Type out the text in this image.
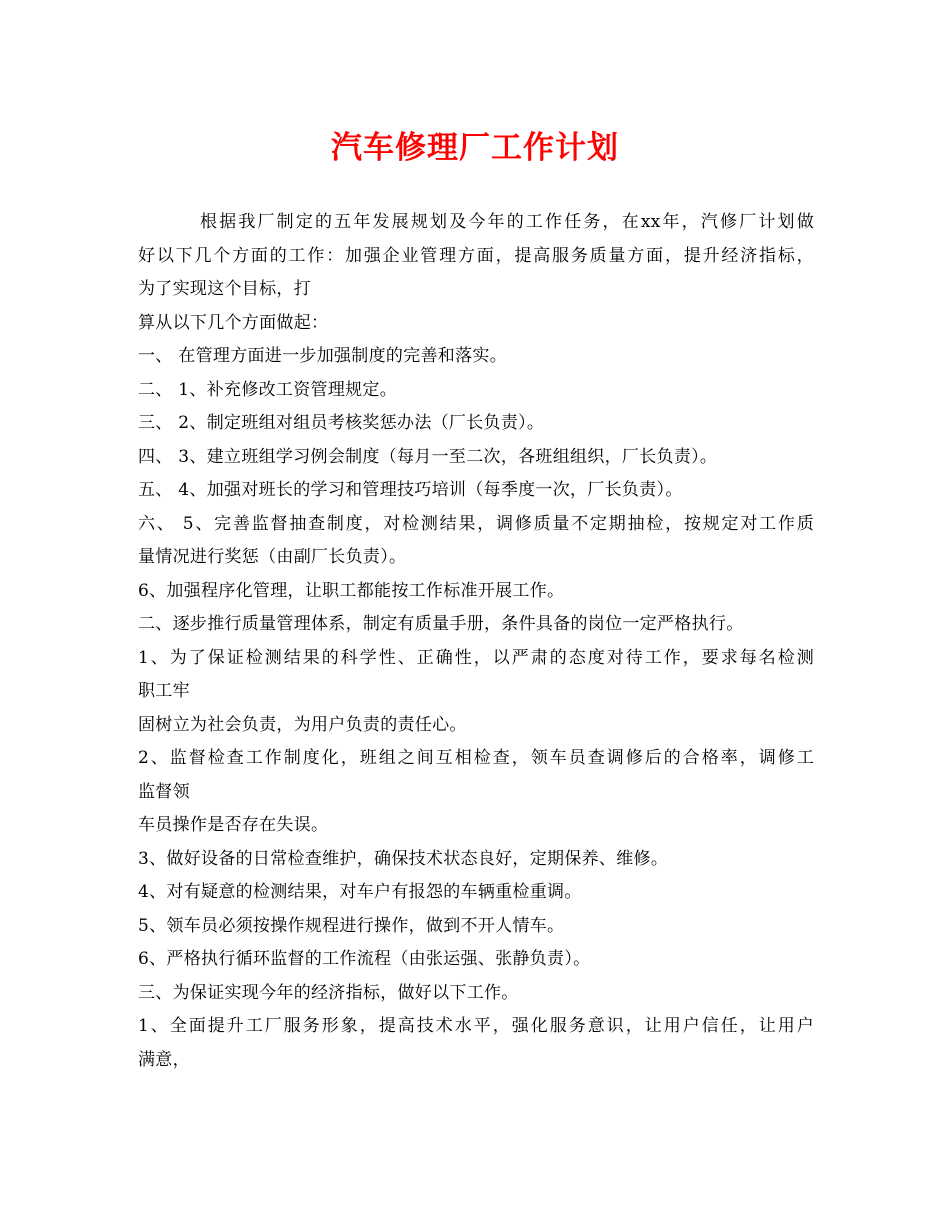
汽车修理厂工作计划

根据我厂制定的五年发展规划及今年的工作任务，在xx年，汽修厂计划做

好以下几个方面的工作：加强企业管理方面，提高服务质量方面，提升经济指标，

为了实现这个目标，打

算从以下几个方面做起：

一、 在管理方面进一步加强制度的完善和落实。

二、 1、补充修改工资管理规定。

三、 2、制定班组对组员考核奖惩办法（厂长负责）。

四、 3、建立班组学习例会制度（每月一至二次，各班组组织，厂长负责）。

五、 4、加强对班长的学习和管理技巧培训（每季度一次，厂长负责）。

六、 5、完善监督抽查制度，对检测结果，调修质量不定期抽检，按规定对工作质

量情况进行奖惩（由副厂长负责）。

6、加强程序化管理，让职工都能按工作标准开展工作。

二、逐步推行质量管理体系，制定有质量手册，条件具备的岗位一定严格执行。

1、为了保证检测结果的科学性、正确性，以严肃的态度对待工作，要求每名检测

职工牢

固树立为社会负责，为用户负责的责任心。

2、监督检查工作制度化，班组之间互相检查，领车员查调修后的合格率，调修工

监督领

车员操作是否存在失误。

3、做好设备的日常检查维护，确保技术状态良好，定期保养、维修。

4、对有疑意的检测结果，对车户有报怨的车辆重检重调。

5、领车员必须按操作规程进行操作，做到不开人情车。

6、严格执行循环监督的工作流程（由张运强、张静负责）。

三、为保证实现今年的经济指标，做好以下工作。

1、全面提升工厂服务形象，提高技术水平，强化服务意识，让用户信任，让用户

满意，
